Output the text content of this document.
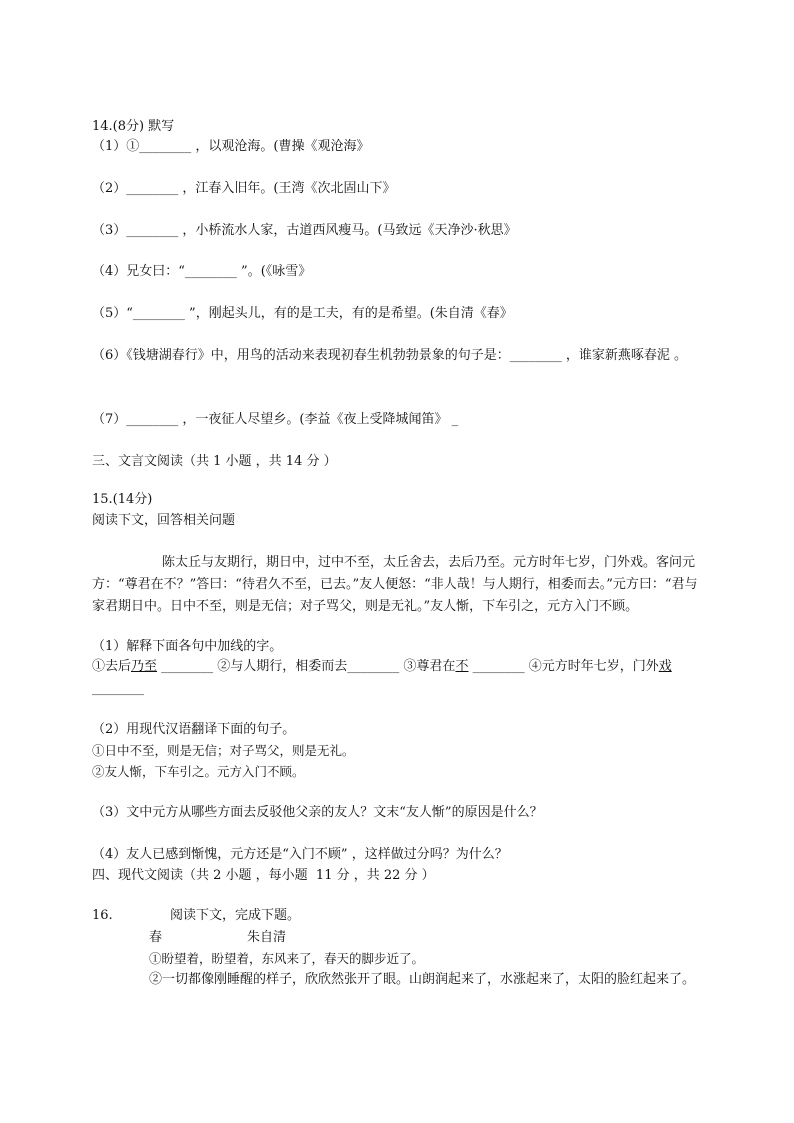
14.(8分) 默写
（1）①________ ，以观沧海。(曹操《观沧海》
（2）________ ，江春入旧年。(王湾《次北固山下》
（3）________ ，小桥流水人家，古道西风瘦马。(马致远《天净沙·秋思》
（4）兄女曰：“________ ”。(《咏雪》
（5）“________ ”，刚起头儿，有的是工夫，有的是希望。(朱自清《春》
（6）《钱塘湖春行》中，用鸟的活动来表现初春生机勃勃景象的句子是：________ ，谁家新燕啄春泥 。
（7）________ ，一夜征人尽望乡。(李益《夜上受降城闻笛》 _
三、文言文阅读（共 1 小题 ，共 14 分 ）
15.(14分)
阅读下文，回答相关问题
陈太丘与友期行，期日中，过中不至，太丘舍去，去后乃至。元方时年七岁，门外戏。客问元方：“尊君在不？”答曰：“待君久不至，已去。”友人便怒：“非人哉！与人期行，相委而去。”元方曰：“君与家君期日中。日中不至，则是无信；对子骂父，则是无礼。”友人惭，下车引之，元方入门不顾。
（1）解释下面各句中加线的字。
①去后乃至 ________ ②与人期行，相委而去________ ③尊君在不 ________ ④元方时年七岁，门外戏 ________
（2）用现代汉语翻译下面的句子。
①日中不至，则是无信；对子骂父，则是无礼。
②友人惭，下车引之。元方入门不顾。
（3）文中元方从哪些方面去反驳他父亲的友人？文末“友人惭”的原因是什么？
（4）友人已感到惭愧，元方还是“入门不顾” ，这样做过分吗？为什么？
四、现代文阅读（共 2 小题 ，每小题  11 分 ，共 22 分 ）
16.	阅读下文，完成下题。
春	朱自清
①盼望着，盼望着，东风来了，春天的脚步近了。
②一切都像刚睡醒的样子，欣欣然张开了眼。山朗润起来了，水涨起来了，太阳的脸红起来了。
